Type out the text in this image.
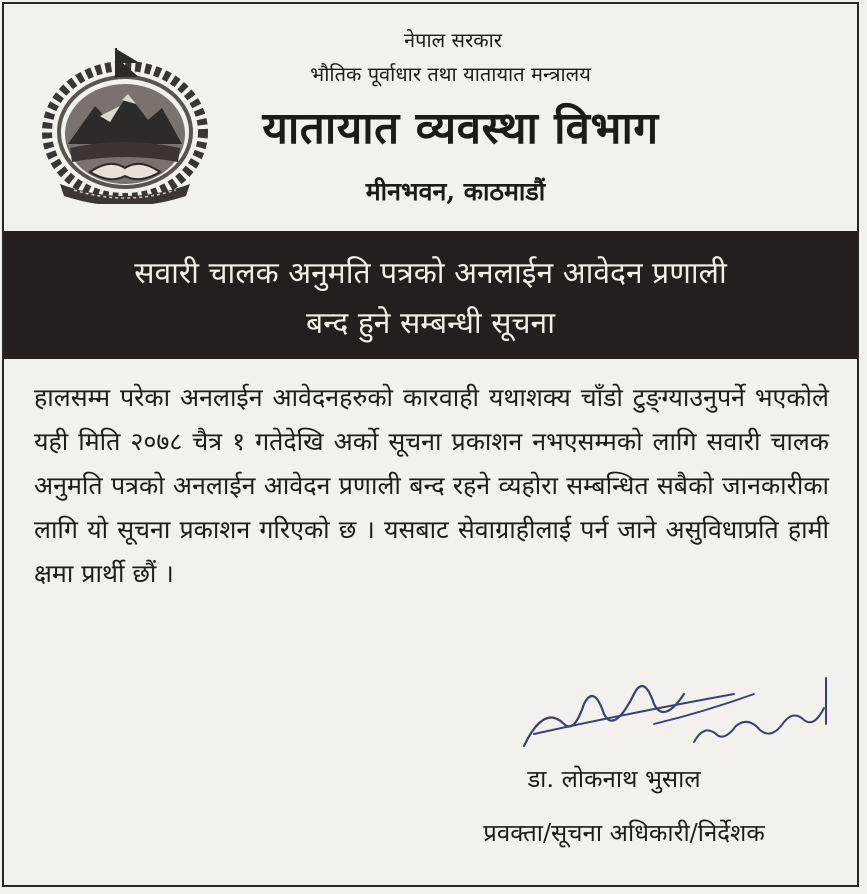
नेपाल सरकार
भौतिक पूर्वाधार तथा यातायात मन्त्रालय
यातायात व्यवस्था विभाग
मीनभवन, काठमाडौं
सवारी चालक अनुमति पत्रको अनलाईन आवेदन प्रणाली
बन्द हुने सम्बन्धी सूचना
हालसम्म परेका अनलाईन आवेदनहरुको कारवाही यथाशक्य चाँडो टुङ्ग्याउनुपर्ने भएकोले यही मिति २०७८ चैत्र १ गतेदेखि अर्को सूचना प्रकाशन नभएसम्मको लागि सवारी चालक अनुमति पत्रको अनलाईन आवेदन प्रणाली बन्द रहने व्यहोरा सम्बन्धित सबैको जानकारीका लागि यो सूचना प्रकाशन गरिएको छ । यसबाट सेवाग्राहीलाई पर्न जाने असुविधाप्रति हामी क्षमा प्रार्थी छौं ।
डा. लोकनाथ भुसाल
प्रवक्ता/सूचना अधिकारी/निर्देशक
